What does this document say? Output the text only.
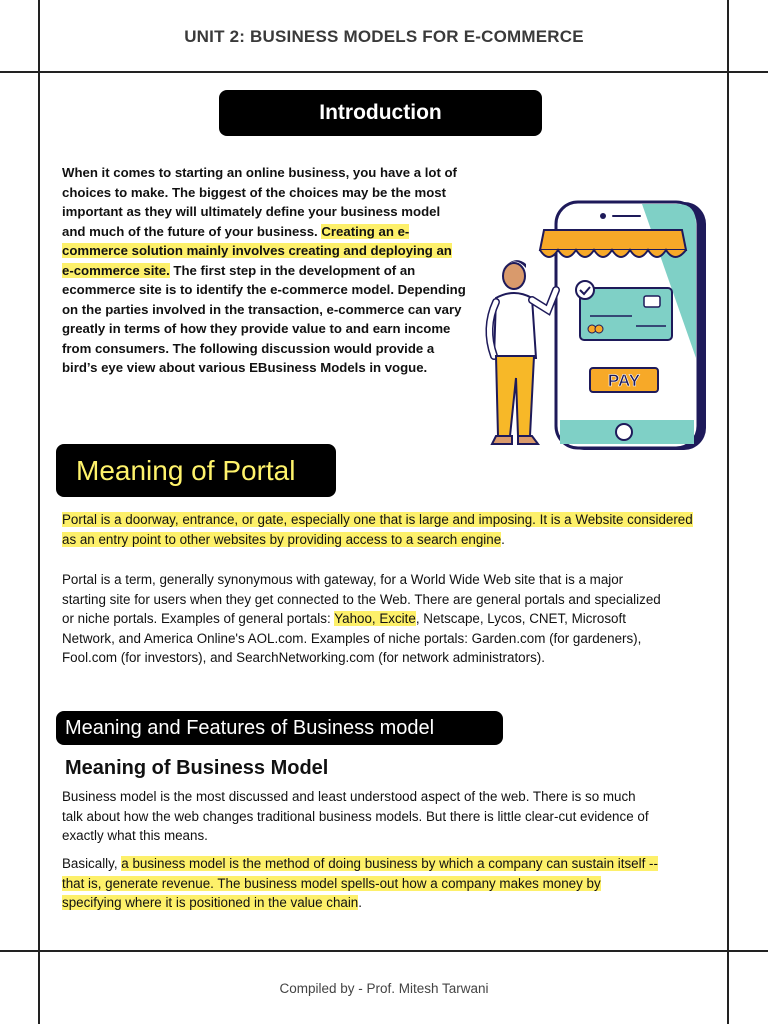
UNIT 2: BUSINESS MODELS FOR E-COMMERCE
Introduction

When it comes to starting an online business, you have a lot of choices to make. The biggest of the choices may be the most important as they will ultimately define your business model and much of the future of your business. Creating an e-commerce solution mainly involves creating and deploying an e-commerce site. The first step in the development of an ecommerce site is to identify the e-commerce model. Depending on the parties involved in the transaction, e-commerce can vary greatly in terms of how they provide value to and earn income from consumers. The following discussion would provide a bird’s eye view about various EBusiness Models in vogue.

PAY
Meaning of Portal

Portal is a doorway, entrance, or gate, especially one that is large and imposing. It is a Website considered as an entry point to other websites by providing access to a search engine.

Portal is a term, generally synonymous with gateway, for a World Wide Web site that is a major starting site for users when they get connected to the Web. There are general portals and specialized or niche portals. Examples of general portals: Yahoo, Excite, Netscape, Lycos, CNET, Microsoft Network, and America Online's AOL.com. Examples of niche portals: Garden.com (for gardeners), Fool.com (for investors), and SearchNetworking.com (for network administrators).

Meaning and Features of Business model
Meaning of Business Model

Business model is the most discussed and least understood aspect of the web. There is so much talk about how the web changes traditional business models. But there is little clear-cut evidence of exactly what this means.

Basically, a business model is the method of doing business by which a company can sustain itself -- that is, generate revenue. The business model spells-out how a company makes money by specifying where it is positioned in the value chain.

Compiled by - Prof. Mitesh Tarwani
